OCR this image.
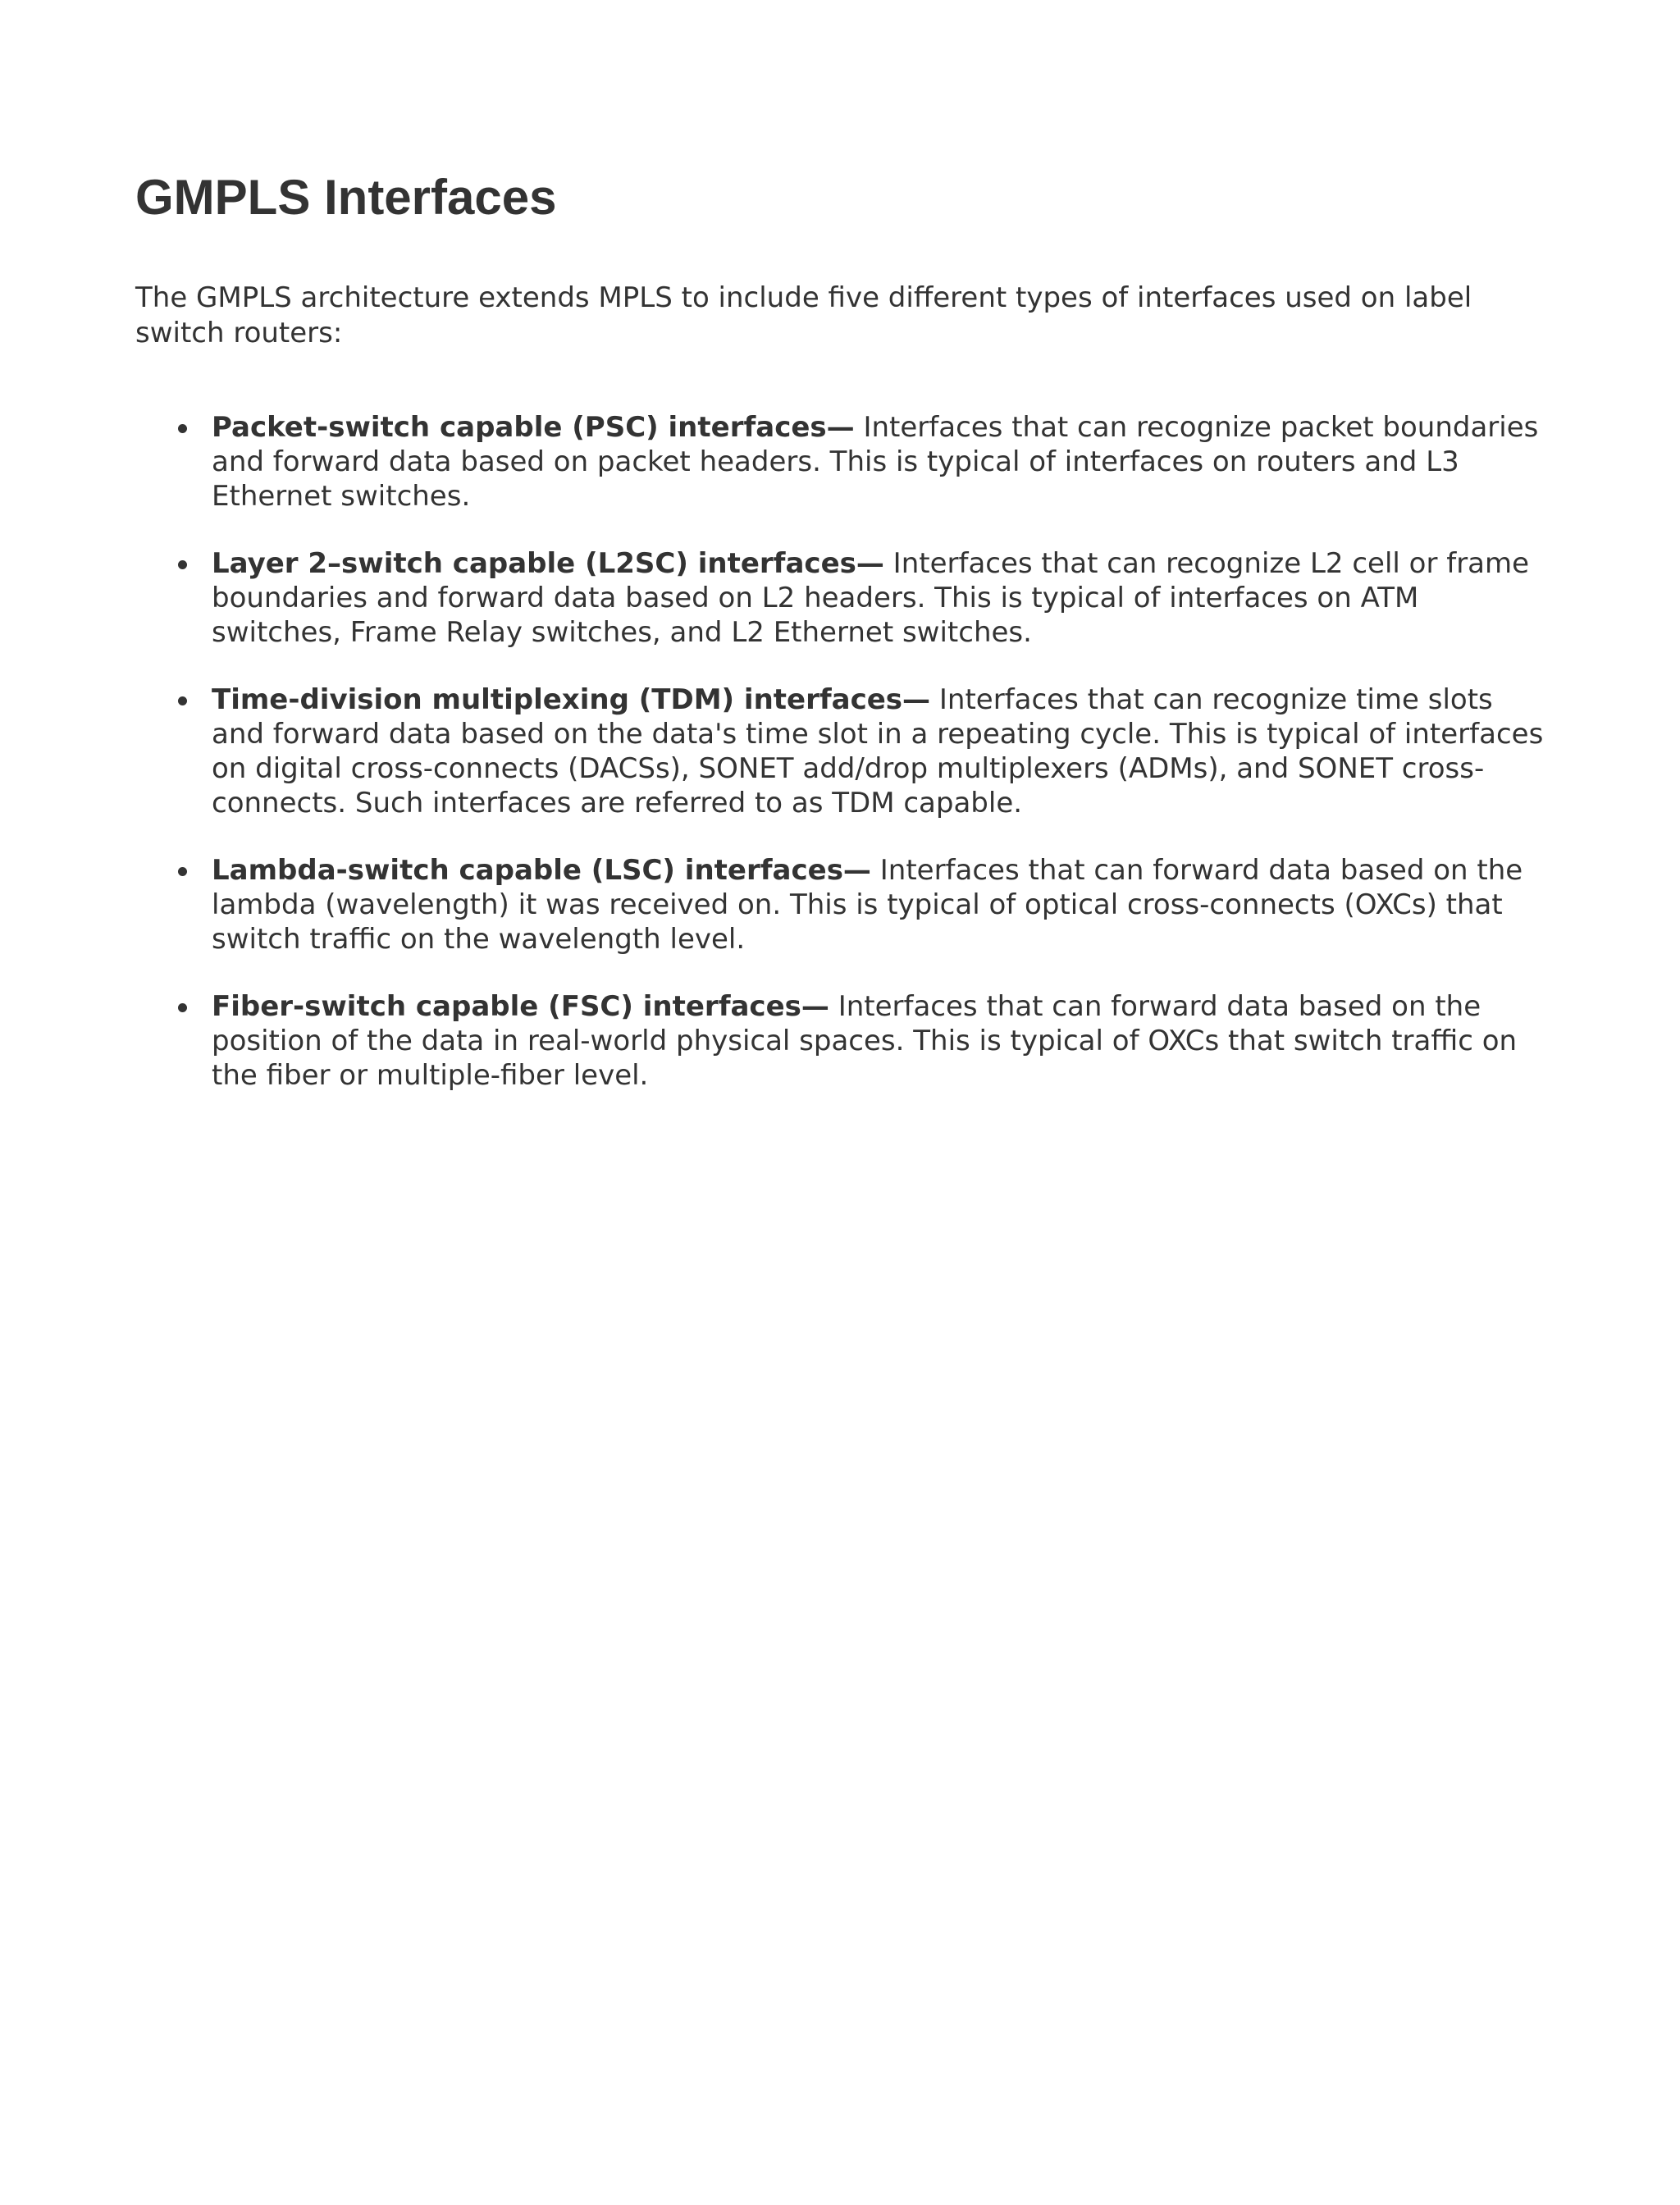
GMPLS Interfaces

The GMPLS architecture extends MPLS to include five different types of interfaces used on label switch routers:

Packet-switch capable (PSC) interfaces— Interfaces that can recognize packet boundaries and forward data based on packet headers. This is typical of interfaces on routers and L3 Ethernet switches.
Layer 2–switch capable (L2SC) interfaces— Interfaces that can recognize L2 cell or frame boundaries and forward data based on L2 headers. This is typical of interfaces on ATM switches, Frame Relay switches, and L2 Ethernet switches.
Time-division multiplexing (TDM) interfaces— Interfaces that can recognize time slots and forward data based on the data's time slot in a repeating cycle. This is typical of interfaces on digital cross-connects (DACSs), SONET add/drop multiplexers (ADMs), and SONET cross-connects. Such interfaces are referred to as TDM capable.
Lambda-switch capable (LSC) interfaces— Interfaces that can forward data based on the lambda (wavelength) it was received on. This is typical of optical cross-connects (OXCs) that switch traffic on the wavelength level.
Fiber-switch capable (FSC) interfaces— Interfaces that can forward data based on the position of the data in real-world physical spaces. This is typical of OXCs that switch traffic on the fiber or multiple-fiber level.
